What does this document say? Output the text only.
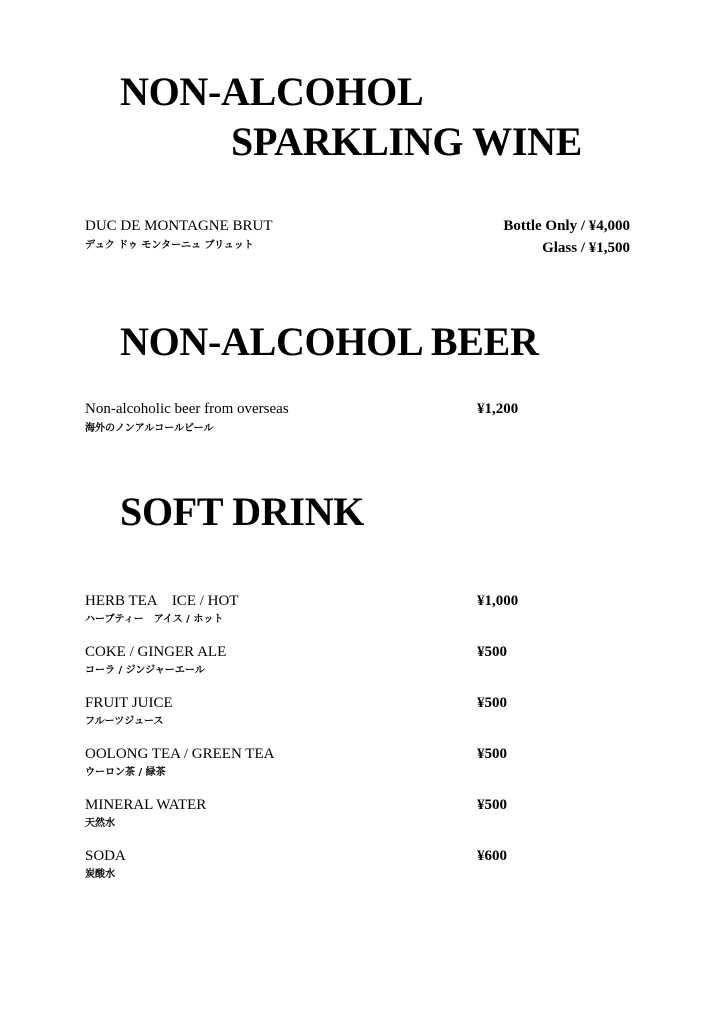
NON-ALCOHOL
SPARKLING WINE
DUC DE MONTAGNE BRUT
デュク ドゥ モンターニュ ブリュット
Bottle Only / ¥4,000
Glass / ¥1,500
NON-ALCOHOL BEER
Non-alcoholic beer from overseas
海外のノンアルコールビール
¥1,200
SOFT DRINK
HERB TEA　ICE / HOT
ハーブティー　アイス / ホット
¥1,000
COKE / GINGER ALE
コーラ / ジンジャーエール
¥500
FRUIT JUICE
フルーツジュース
¥500
OOLONG TEA / GREEN TEA
ウーロン茶 / 緑茶
¥500
MINERAL WATER
天然水
¥500
SODA
炭酸水
¥600
